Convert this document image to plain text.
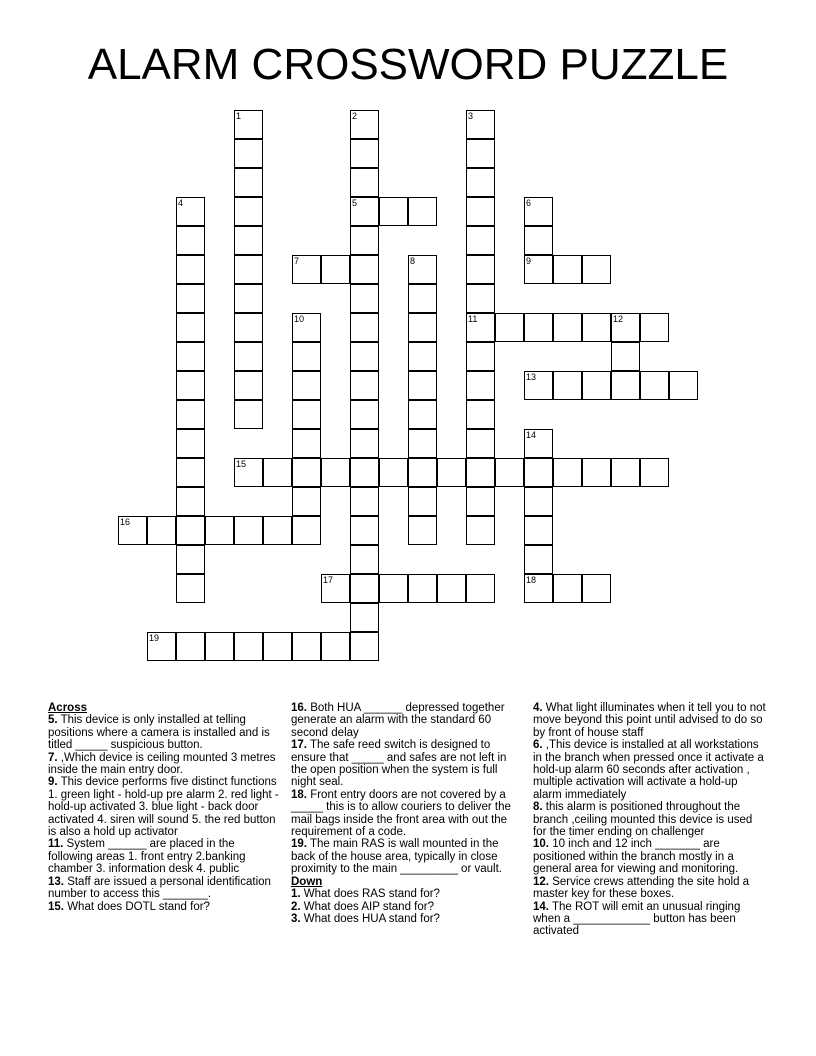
ALARM CROSSWORD PUZZLE
1	2
5
3
11
4	6
9
7	8
10	12
13
14
18
15
16
17
19

Across

5. This device is only installed at telling positions where a camera is installed and is titled _____ suspicious button.

7. ,Which device is ceiling mounted 3 metres inside the main entry door.

9. This device performs five distinct functions 1. green light - hold-up pre alarm 2. red light - hold-up activated 3. blue light - back door activated 4. siren will sound 5. the red button is also a hold up activator

11. System ______ are placed in the following areas 1. front entry 2.banking chamber 3. information desk 4. public

13. Staff are issued a personal identification number to access this _______.

15. What does DOTL stand for?

16. Both HUA ______ depressed together generate an alarm with the standard 60 second delay

17. The safe reed switch is designed to ensure that _____ and safes are not left in the open position when the system is full night seal.

18. Front entry doors are not covered by a _____ this is to allow couriers to deliver the mail bags inside the front area with out the requirement of a code.

19. The main RAS is wall mounted in the back of the house area, typically in close proximity to the main _________ or vault.

Down

1. What does RAS stand for?

2. What does AIP stand for?

3. What does HUA stand for?

4. What light illuminates when it tell you to not move beyond this point until advised to do so by front of house staff

6. ,This device is installed at all workstations in the branch when pressed once it activate a hold-up alarm 60 seconds after activation , multiple activation will activate a hold-up alarm immediately

8. this alarm is positioned throughout the branch ,ceiling mounted this device is used for the timer ending on challenger

10. 10 inch and 12 inch _______ are positioned within the branch mostly in a general area for viewing and monitoring.

12. Service crews attending the site hold a master key for these boxes.

14. The ROT will emit an unusual ringing when a ____________ button has been activated
